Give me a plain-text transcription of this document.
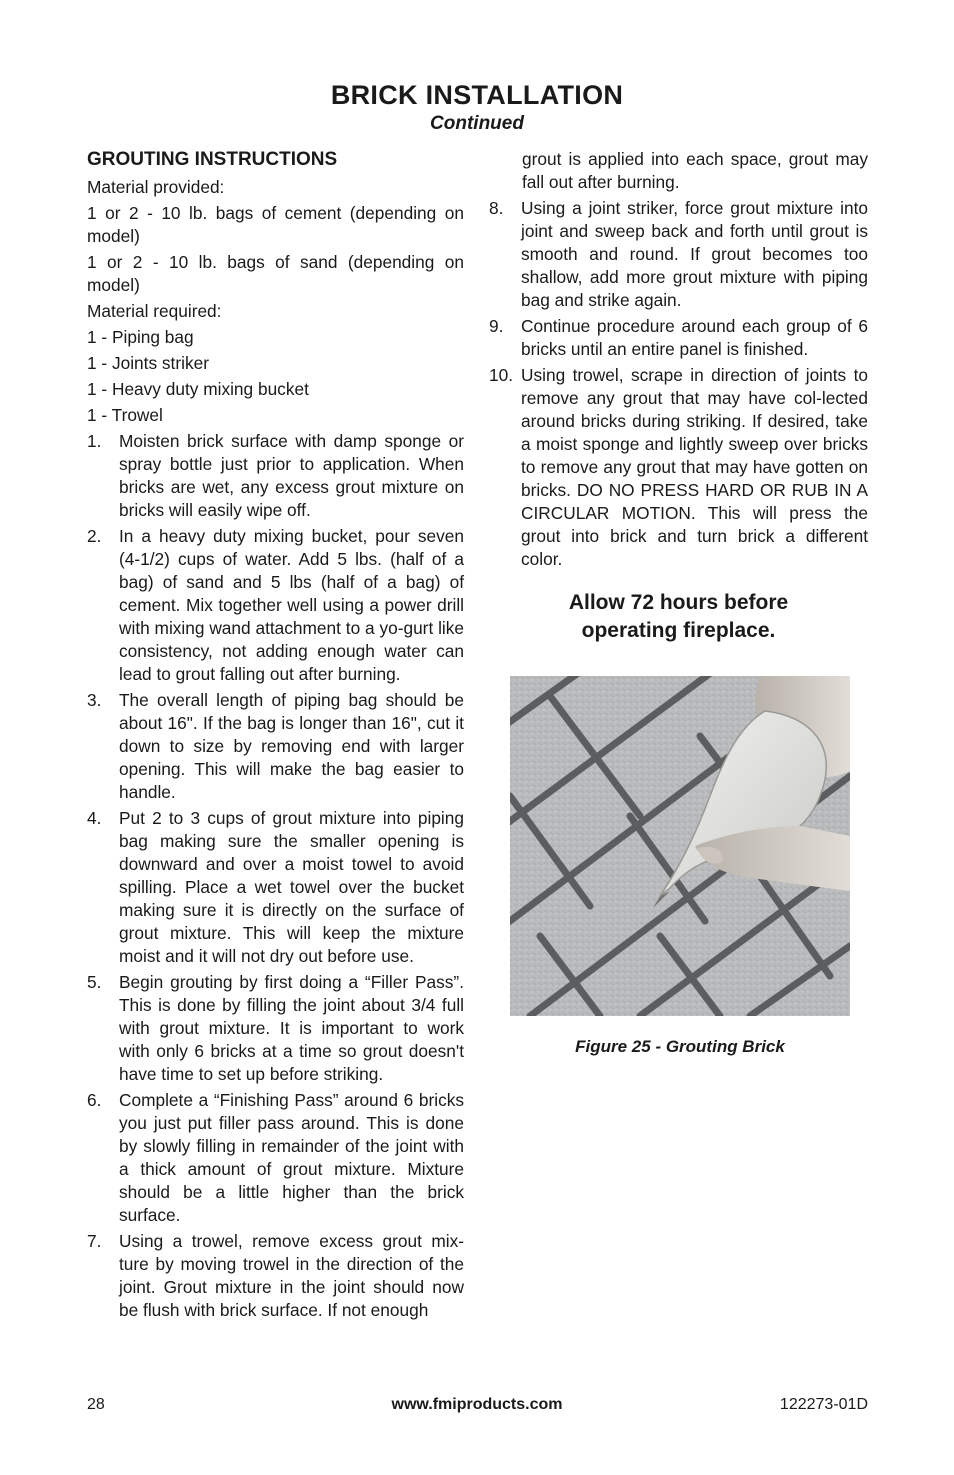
BRICK INSTALLATION
Continued
GROUTING INSTRUCTIONS
Material provided:
1 or 2 - 10 lb. bags of cement (depending on model)
1 or 2 - 10 lb. bags of sand (depending on model)
Material required:
1 - Piping bag
1 - Joints striker
1 - Heavy duty mixing bucket
1 - Trowel
1.	Moisten brick surface with damp sponge or spray bottle just prior to application. When bricks are wet, any excess grout mixture on bricks will easily wipe off.
2.	In a heavy duty mixing bucket, pour seven (4-1/2) cups of water. Add 5 lbs. (half of a bag) of sand and 5 lbs (half of a bag) of cement. Mix together well using a power drill with mixing wand attachment to a yo-gurt like consistency, not adding enough water can lead to grout falling out after burning.
3.	The overall length of piping bag should be about 16". If the bag is longer than 16", cut it down to size by removing end with larger opening. This will make the bag easier to handle.
4.	Put 2 to 3 cups of grout mixture into piping bag making sure the smaller opening is downward and over a moist towel to avoid spilling. Place a wet towel over the bucket making sure it is directly on the surface of grout mixture. This will keep the mixture moist and it will not dry out before use.
5.	Begin grouting by first doing a “Filler Pass”. This is done by filling the joint about 3/4 full with grout mixture. It is important to work with only 6 bricks at a time so grout doesn't have time to set up before striking.
6.	Complete a “Finishing Pass” around 6 bricks you just put filler pass around. This is done by slowly filling in remainder of the joint with a thick amount of grout mixture. Mixture should be a little higher than the brick surface.
7.	Using a trowel, remove excess grout mix-ture by moving trowel in the direction of the joint. Grout mixture in the joint should now be flush with brick surface. If not enough
grout is applied into each space, grout may fall out after burning.
8.	Using a joint striker, force grout mixture into joint and sweep back and forth until grout is smooth and round. If grout becomes too shallow, add more grout mixture with piping bag and strike again.
9.	Continue procedure around each group of 6 bricks until an entire panel is finished.
10. Using trowel, scrape in direction of joints to remove any grout that may have col-lected around bricks during striking. If desired, take a moist sponge and lightly sweep over bricks to remove any grout that may have gotten on bricks. DO NO PRESS HARD OR RUB IN A CIRCULAR MOTION. This will press the grout into brick and turn brick a different color.
Allow 72 hours before
operating fireplace.
Figure 25 - Grouting Brick
28	www.fmiproducts.com	122273-01D
